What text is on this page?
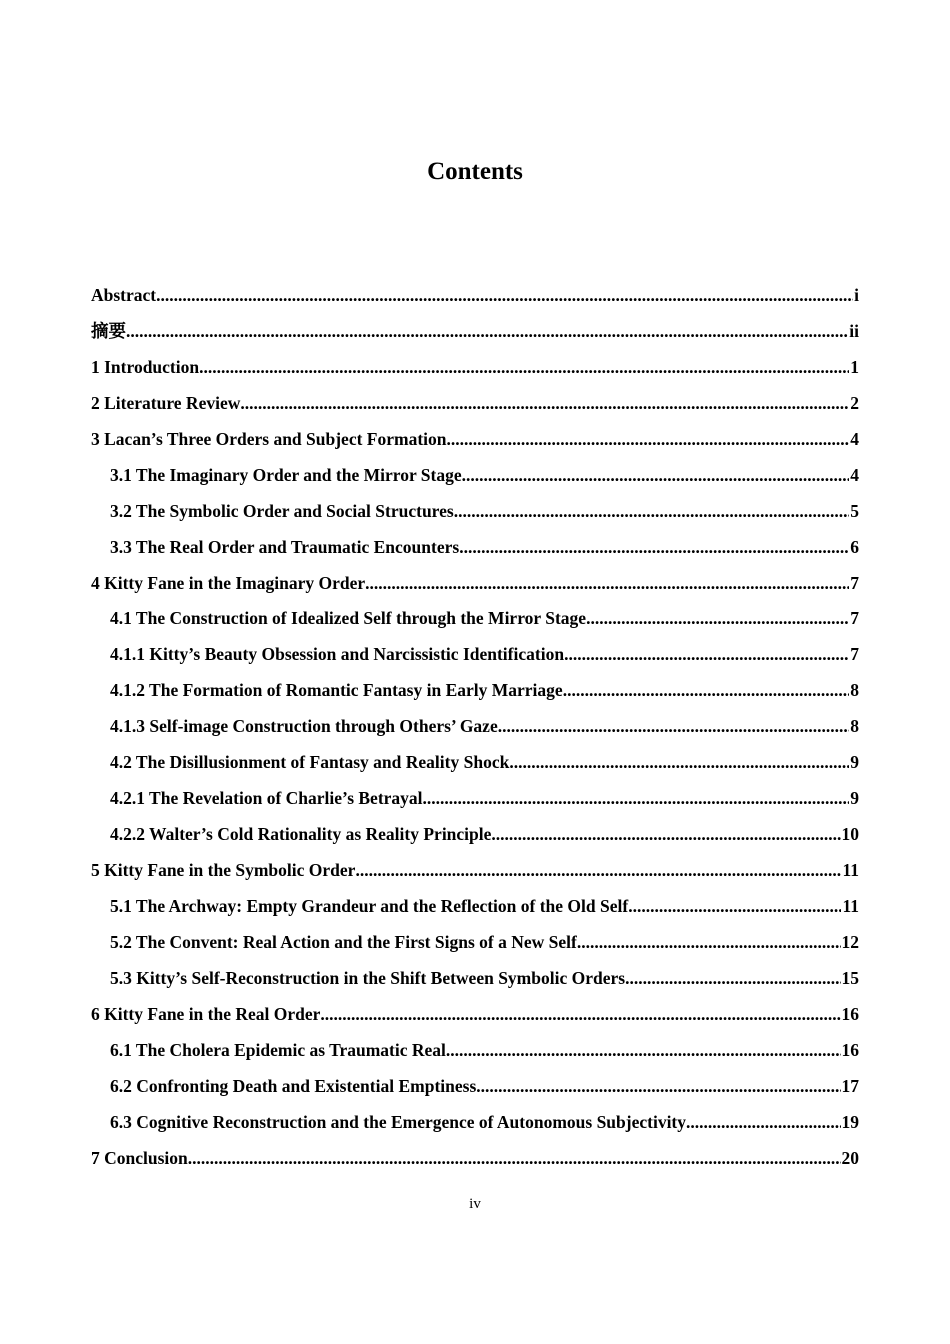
Contents
Abstract .....	i
摘要 .....	ii
1 Introduction .....	1
2 Literature Review .....	2
3 Lacan’s Three Orders and Subject Formation .....	4
3.1 The Imaginary Order and the Mirror Stage .....	4
3.2 The Symbolic Order and Social Structures .....	5
3.3 The Real Order and Traumatic Encounters .....	6
4 Kitty Fane in the Imaginary Order .....	7
4.1 The Construction of Idealized Self through the Mirror Stage .....	7
4.1.1 Kitty’s Beauty Obsession and Narcissistic Identification .....	7
4.1.2 The Formation of Romantic Fantasy in Early Marriage .....	8
4.1.3 Self-image Construction through Others’ Gaze .....	8
4.2 The Disillusionment of Fantasy and Reality Shock .....	9
4.2.1 The Revelation of Charlie’s Betrayal .....	9
4.2.2 Walter’s Cold Rationality as Reality Principle .....	10
5 Kitty Fane in the Symbolic Order .....	11
5.1 The Archway: Empty Grandeur and the Reflection of the Old Self .....	11
5.2 The Convent: Real Action and the First Signs of a New Self .....	12
5.3 Kitty’s Self-Reconstruction in the Shift Between Symbolic Orders .....	15
6 Kitty Fane in the Real Order .....	16
6.1 The Cholera Epidemic as Traumatic Real .....	16
6.2 Confronting Death and Existential Emptiness .....	17
6.3 Cognitive Reconstruction and the Emergence of Autonomous Subjectivity .....	19
7 Conclusion .....	20
iv
